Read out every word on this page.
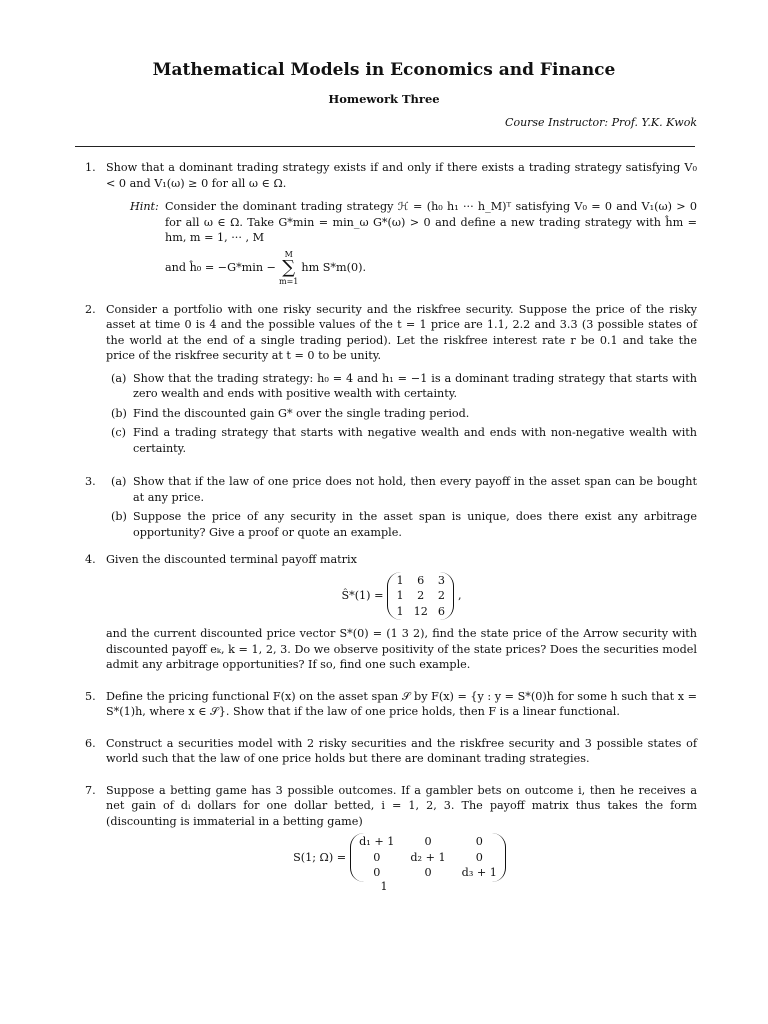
Mathematical Models in Economics and Finance
Homework Three
Course Instructor: Prof. Y.K. Kwok
1. Show that a dominant trading strategy exists if and only if there exists a trading strategy satisfying V₀ < 0 and V₁(ω) ≥ 0 for all ω ∈ Ω.
Hint: Consider the dominant trading strategy ℋ = (h₀ h₁ ··· h_M)ᵀ satisfying V₀ = 0 and V₁(ω) > 0 for all ω ∈ Ω. Take G*min = min_ω G*(ω) > 0 and define a new trading strategy with ĥm = hm, m = 1, ··· , M
and ĥ₀ = −G*min −
M
∑
m=1
hm S*m(0).
2. Consider a portfolio with one risky security and the riskfree security. Suppose the price of the risky asset at time 0 is 4 and the possible values of the t = 1 price are 1.1, 2.2 and 3.3 (3 possible states of the world at the end of a single trading period). Let the riskfree interest rate r be 0.1 and take the price of the riskfree security at t = 0 to be unity.
(a) Show that the trading strategy: h₀ = 4 and h₁ = −1 is a dominant trading strategy that starts with zero wealth and ends with positive wealth with certainty.
(b) Find the discounted gain G* over the single trading period.
(c) Find a trading strategy that starts with negative wealth and ends with non-negative wealth with certainty.
3. (a) Show that if the law of one price does not hold, then every payoff in the asset span can be bought at any price.
(b) Suppose the price of any security in the asset span is unique, does there exist any arbitrage opportunity? Give a proof or quote an example.
4. Given the discounted terminal payoff matrix
Ŝ*(1) =
1	6	3
1	2	2
1 12 6
,
and the current discounted price vector S*(0) = (1 3 2), find the state price of the Arrow security with discounted payoff eₖ, k = 1, 2, 3. Do we observe positivity of the state prices? Does the securities model admit any arbitrage opportunities? If so, find one such example.
5. Define the pricing functional F(x) on the asset span 𝒮 by F(x) = {y : y = S*(0)h for some h such that x = S*(1)h, where x ∈ 𝒮}. Show that if the law of one price holds, then F is a linear functional.
6. Construct a securities model with 2 risky securities and the riskfree security and 3 possible states of world such that the law of one price holds but there are dominant trading strategies.
7. Suppose a betting game has 3 possible outcomes. If a gambler bets on outcome i, then he receives a net gain of dᵢ dollars for one dollar betted, i = 1, 2, 3. The payoff matrix thus takes the form (discounting is immaterial in a betting game)
S(1; Ω) =
d₁ + 1	0	0
0	d₂ + 1	0
0	0	d₃ + 1
1
